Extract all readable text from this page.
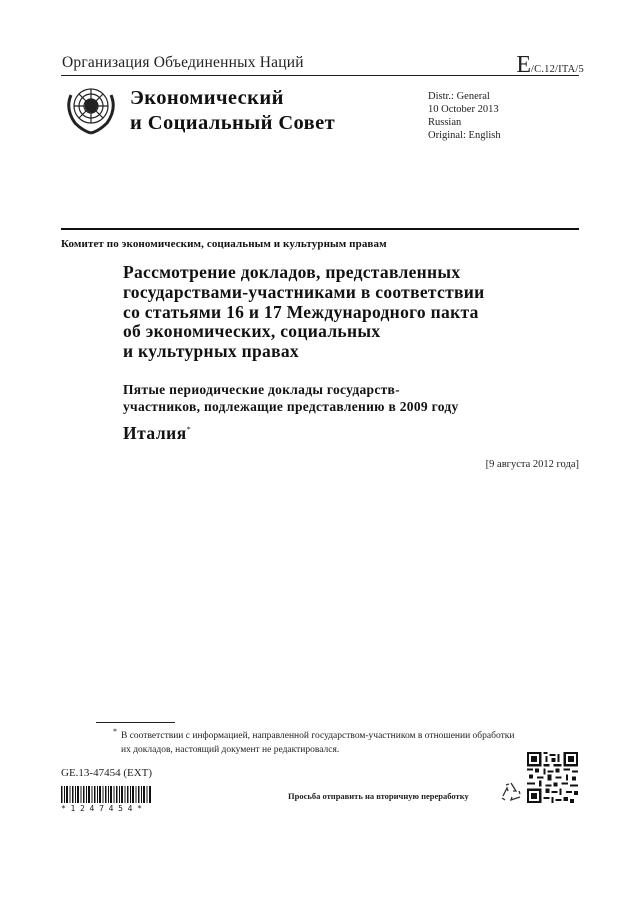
Организация Объединенных Наций	E/C.12/ITA/5
Экономический
и Социальный Совет
Distr.: General
10 October 2013
Russian
Original: English
Комитет по экономическим, социальным и культурным правам
Рассмотрение докладов, представленных
государствами-участниками в соответствии
со статьями 16 и 17 Международного пакта
об экономических, социальных
и культурных правах
Пятые периодические доклады государств-
участников, подлежащие представлению в 2009 году
Италия*
[9 августа 2012 года]
* В соответствии с информацией, направленной государством-участником в отношении обработки их докладов, настоящий документ не редактировался.
GE.13-47454 (EXT)
*1247454*
Просьба отправить на вторичную переработку
